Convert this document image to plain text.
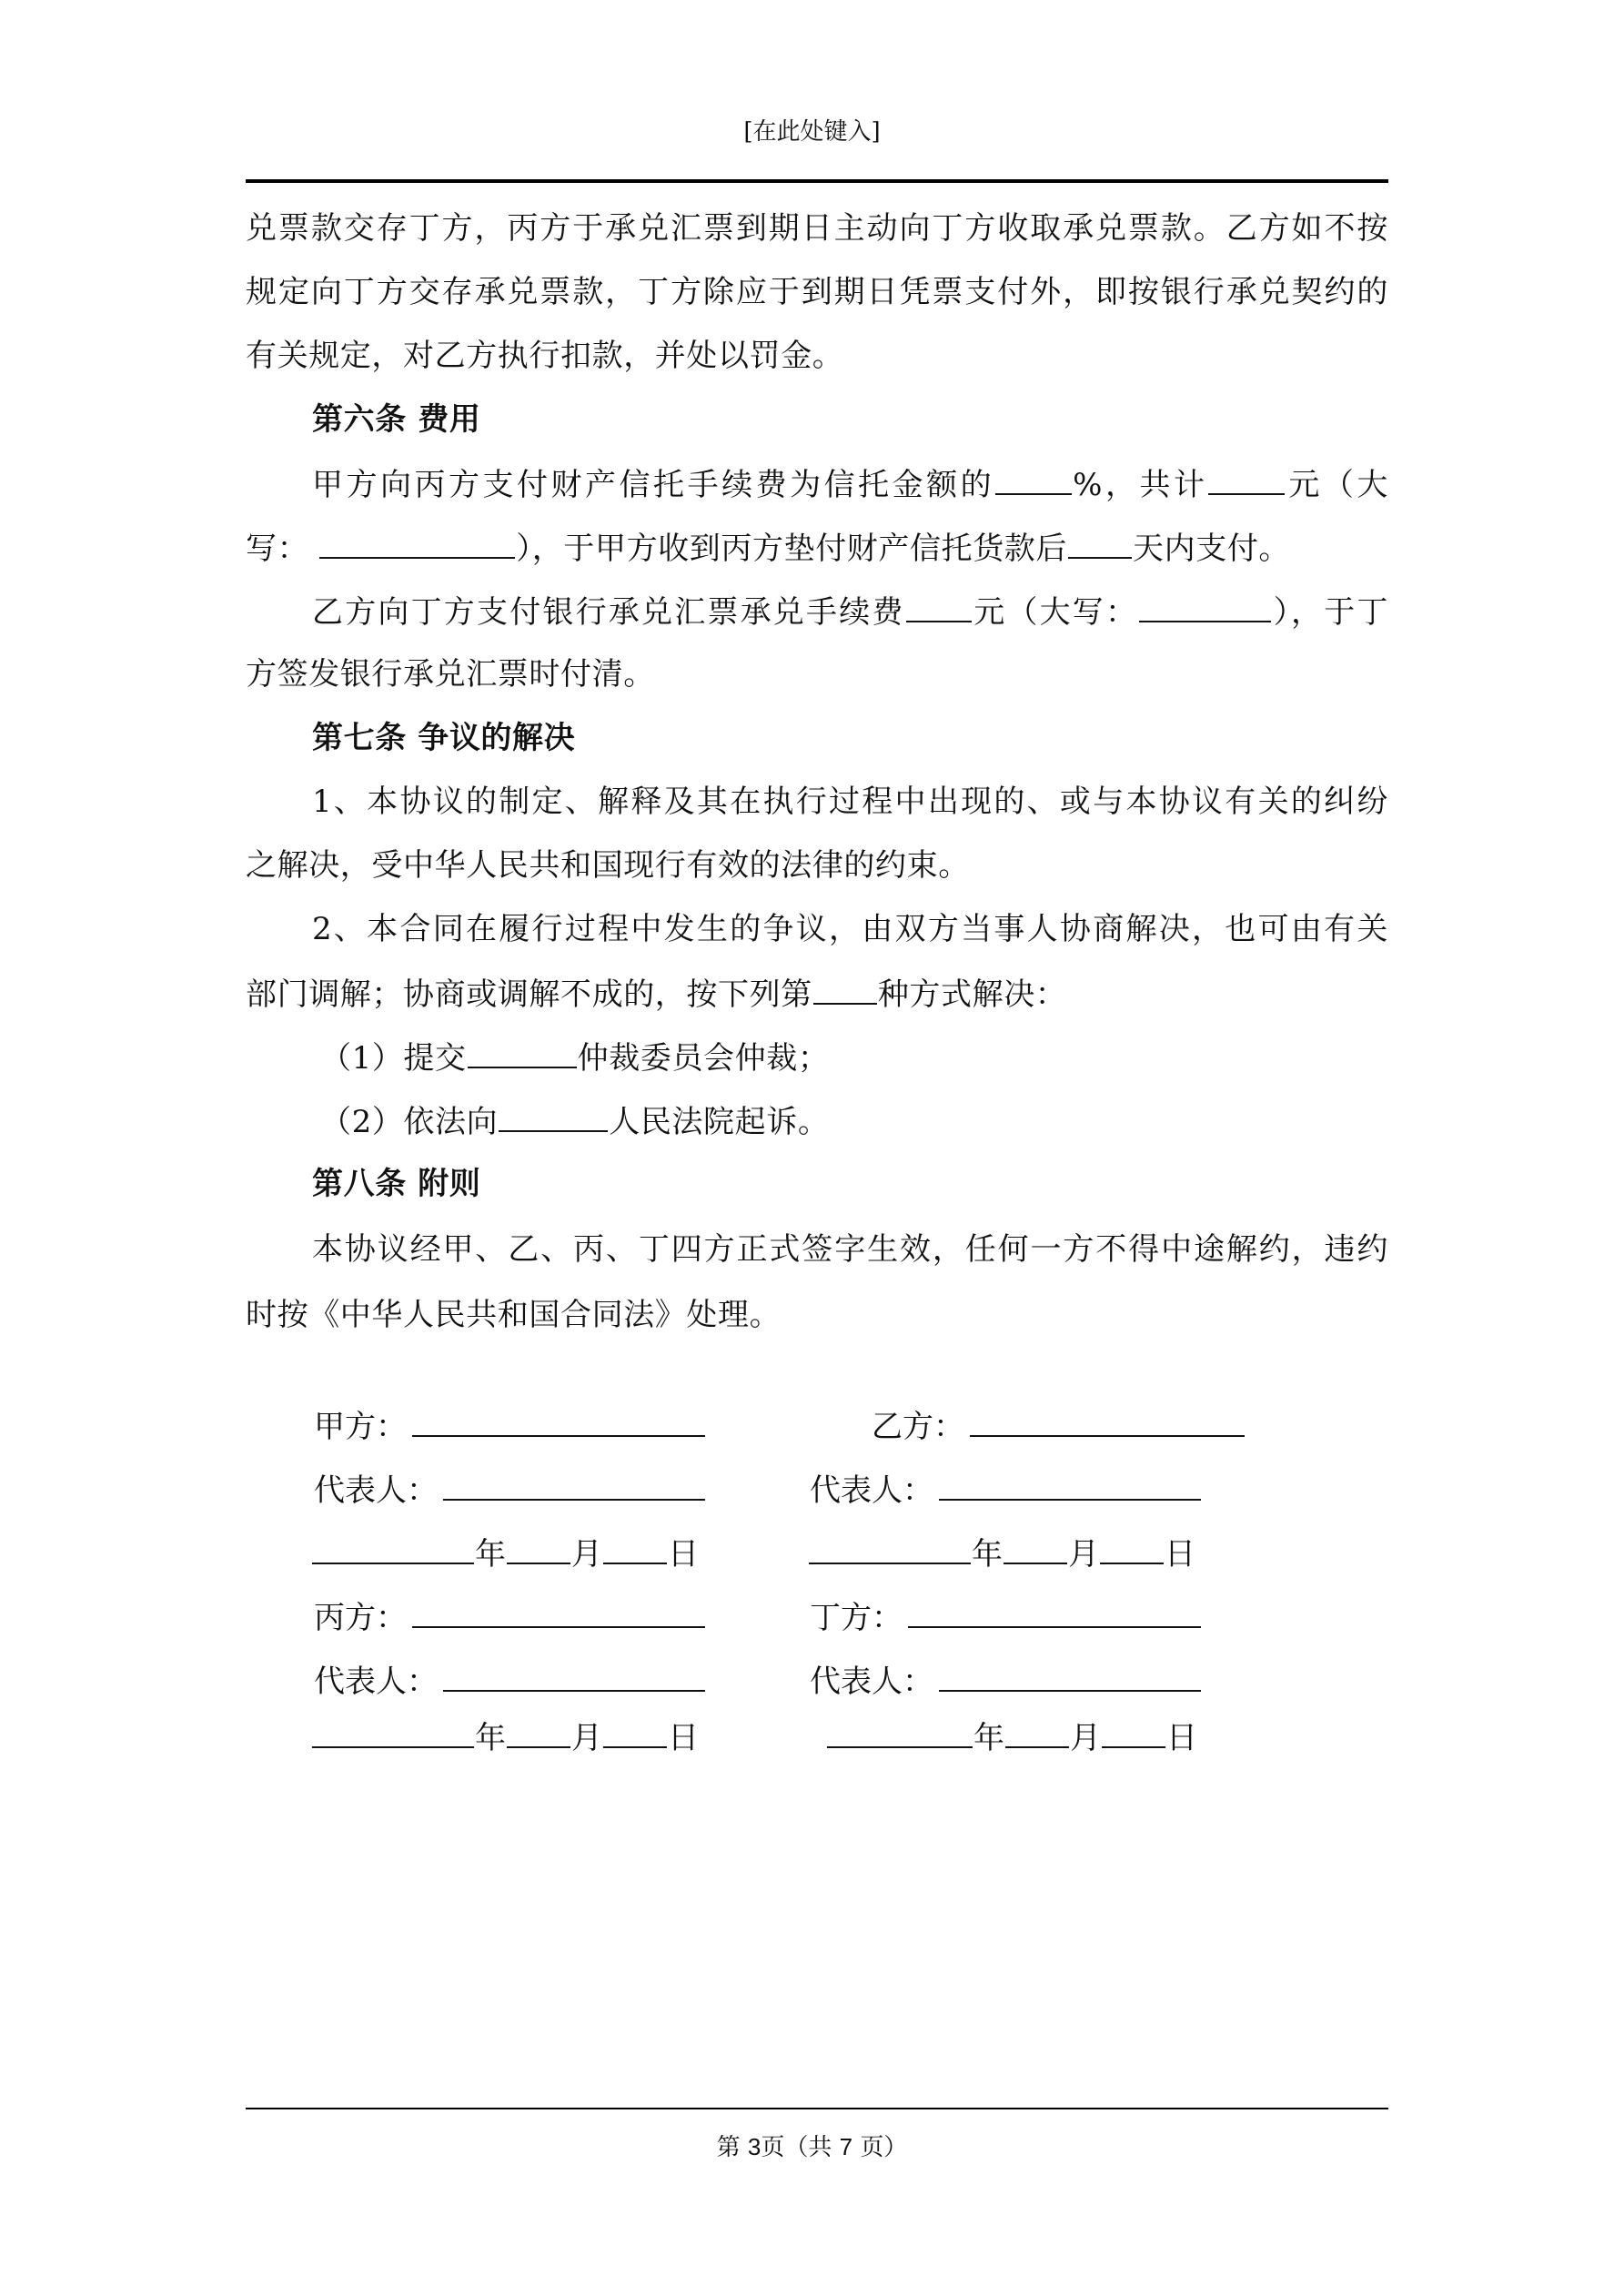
[在此处键入]
兑票款交存丁方，丙方于承兑汇票到期日主动向丁方收取承兑票款。乙方如不按
规定向丁方交存承兑票款，丁方除应于到期日凭票支付外，即按银行承兑契约的
有关规定，对乙方执行扣款，并处以罚金。
第六条 费用
甲方向丙方支付财产信托手续费为信托金额的	%，共计	元（大
写：	），于甲方收到丙方垫付财产信托货款后 天内支付。
乙方向丁方支付银行承兑汇票承兑手续费 元（大写：	），于丁
方签发银行承兑汇票时付清。
第七条 争议的解决
1、本协议的制定、解释及其在执行过程中出现的、或与本协议有关的纠纷
之解决，受中华人民共和国现行有效的法律的约束。
2、本合同在履行过程中发生的争议，由双方当事人协商解决，也可由有关
部门调解；协商或调解不成的，按下列第 种方式解决：
（1）提交	仲裁委员会仲裁；
（2）依法向	人民法院起诉。
第八条 附则
本协议经甲、乙、丙、丁四方正式签字生效，任何一方不得中途解约，违约
时按《中华人民共和国合同法》处理。
甲方：	乙方：
代表人：	代表人：
年 月 日	年 月 日
丙方：	丁方：
代表人：	代表人：
年 月 日	年 月 日
第 3页（共 7 页）
